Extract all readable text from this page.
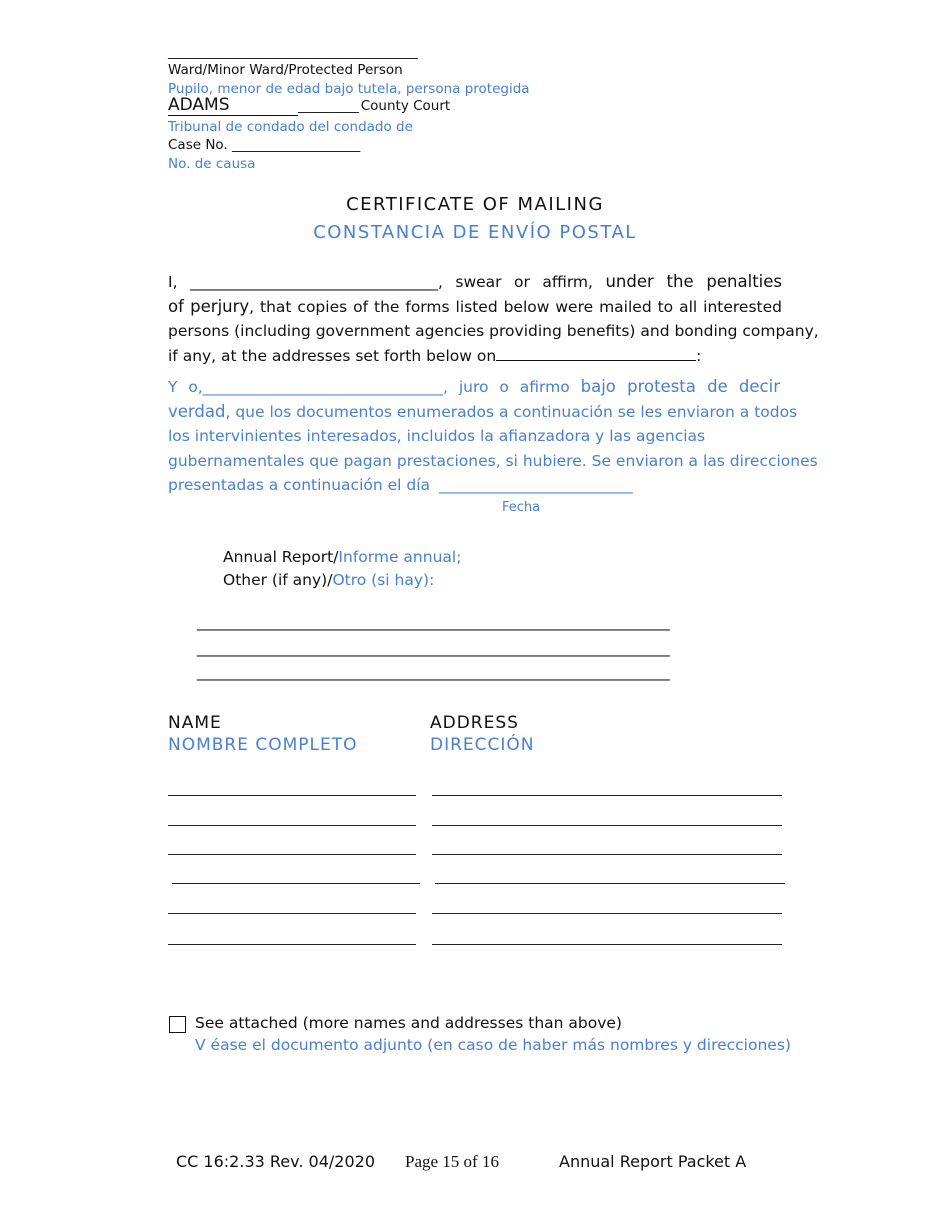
_____________________________________
Ward/Minor Ward/Protected Person
Pupilo, menor de edad bajo tutela, persona protegida
ADAMS	_________ County Court
Tribunal de condado del condado de
Case No. ___________________
No. de causa
CERTIFICATE OF MAILING
CONSTANCIA DE ENVÍO POSTAL
I, ________________________________, swear or affirm, under the penalties
of perjury, that copies of the forms listed below were mailed to all interested
persons (including government agencies providing benefits) and bonding company,
if any, at the addresses set forth below on	:
Y o,_______________________________, juro o afirmo bajo protesta de decir
verdad, que los documentos enumerados a continuación se les enviaron a todos
los intervinientes interesados, incluidos la afianzadora y las agencias
gubernamentales que pagan prestaciones, si hubiere. Se enviaron a las direcciones
presentadas a continuación el día _________________________
Fecha
Annual Report/Informe annual;
Other (if any)/Otro (si hay):
_____________________________________________________________
_____________________________________________________________
_____________________________________________________________
NAME
NOMBRE COMPLETO
ADDRESS
DIRECCIÓN
See attached (more names and addresses than above)
V éase el documento adjunto (en caso de haber más nombres y direcciones)
CC 16:2.33 Rev. 04/2020 Page 15 of 16	Annual Report Packet A
